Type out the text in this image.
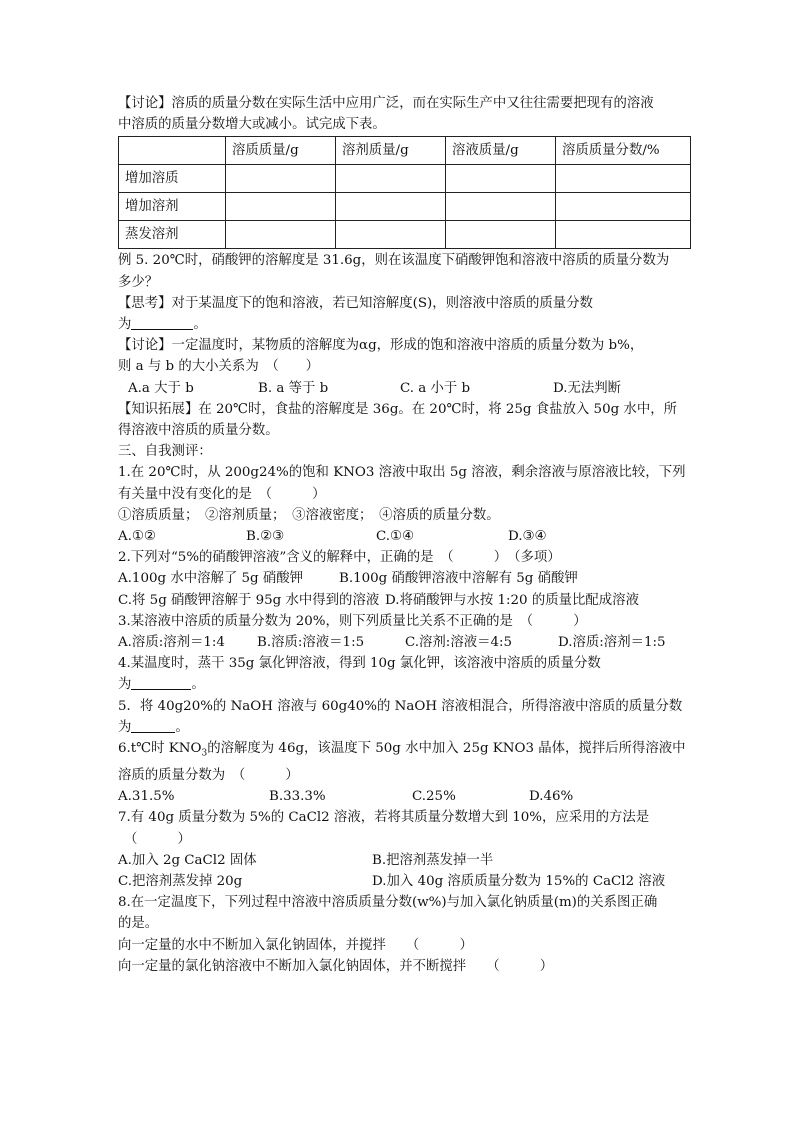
【讨论】溶质的质量分数在实际生活中应用广泛，而在实际生产中又往往需要把现有的溶液
中溶质的质量分数增大或减小。试完成下表。
	溶质质量/g	溶剂质量/g	溶液质量/g	溶质质量分数/%
增加溶质				
增加溶剂				
蒸发溶剂				
例 5. 20℃时，硝酸钾的溶解度是 31.6g，则在该温度下硝酸钾饱和溶液中溶质的质量分数为
多少？
【思考】对于某温度下的饱和溶液，若已知溶解度(S)，则溶液中溶质的质量分数
为	。
【讨论】一定温度时，某物质的溶解度为αg，形成的饱和溶液中溶质的质量分数为 b%，
则 a 与 b 的大小关系为　（　　）
A.a 大于 b	B. a 等于 b	C. a 小于 b	D.无法判断
【知识拓展】在 20℃时，食盐的溶解度是 36g。在 20℃时，将 25g 食盐放入 50g 水中，所
得溶液中溶质的质量分数。
三、自我测评：
1.在 20℃时，从 200g24%的饱和 KNO3 溶液中取出 5g 溶液，剩余溶液与原溶液比较，下列
有关量中没有变化的是　（　　　）
①溶质质量；　②溶剂质量；　③溶液密度；　④溶质的质量分数。
A.①②	B.②③	C.①④	D.③④
2.下列对“5%的硝酸钾溶液”含义的解释中，正确的是　（　　　）　（多项）
A.100g 水中溶解了 5g 硝酸钾	B.100g 硝酸钾溶液中溶解有 5g 硝酸钾
C.将 5g 硝酸钾溶解于 95g 水中得到的溶液 D.将硝酸钾与水按 1:20 的质量比配成溶液
3.某溶液中溶质的质量分数为 20%，则下列质量比关系不正确的是　（　　　）
A.溶质:溶剂＝1:4	B.溶质:溶液＝1:5	C.溶剂:溶液＝4:5	D.溶质:溶剂＝1:5
4.某温度时，蒸干 35g 氯化钾溶液，得到 10g 氯化钾，该溶液中溶质的质量分数
为	。
5．将 40g20%的 NaOH 溶液与 60g40%的 NaOH 溶液相混合，所得溶液中溶质的质量分数
为	。
6.t℃时 $KNO_3$的溶解度为 46g，该温度下 50g 水中加入 25g KNO3 晶体，搅拌后所得溶液中
溶质的质量分数为　（　　　）
A.31.5%	B.33.3%	C.25%	D.46%
7.有 40g 质量分数为 5%的 CaCl2 溶液，若将其质量分数增大到 10%，应采用的方法是
（　　　）
A.加入 2g CaCl2 固体	B.把溶剂蒸发掉一半
C.把溶剂蒸发掉 20g	D.加入 40g 溶质质量分数为 15%的 CaCl2 溶液
8.在一定温度下，下列过程中溶液中溶质质量分数(w%)与加入氯化钠质量(m)的关系图正确
的是。
向一定量的水中不断加入氯化钠固体，并搅拌　　（　　　）
向一定量的氯化钠溶液中不断加入氯化钠固体，并不断搅拌　　（　　　）
